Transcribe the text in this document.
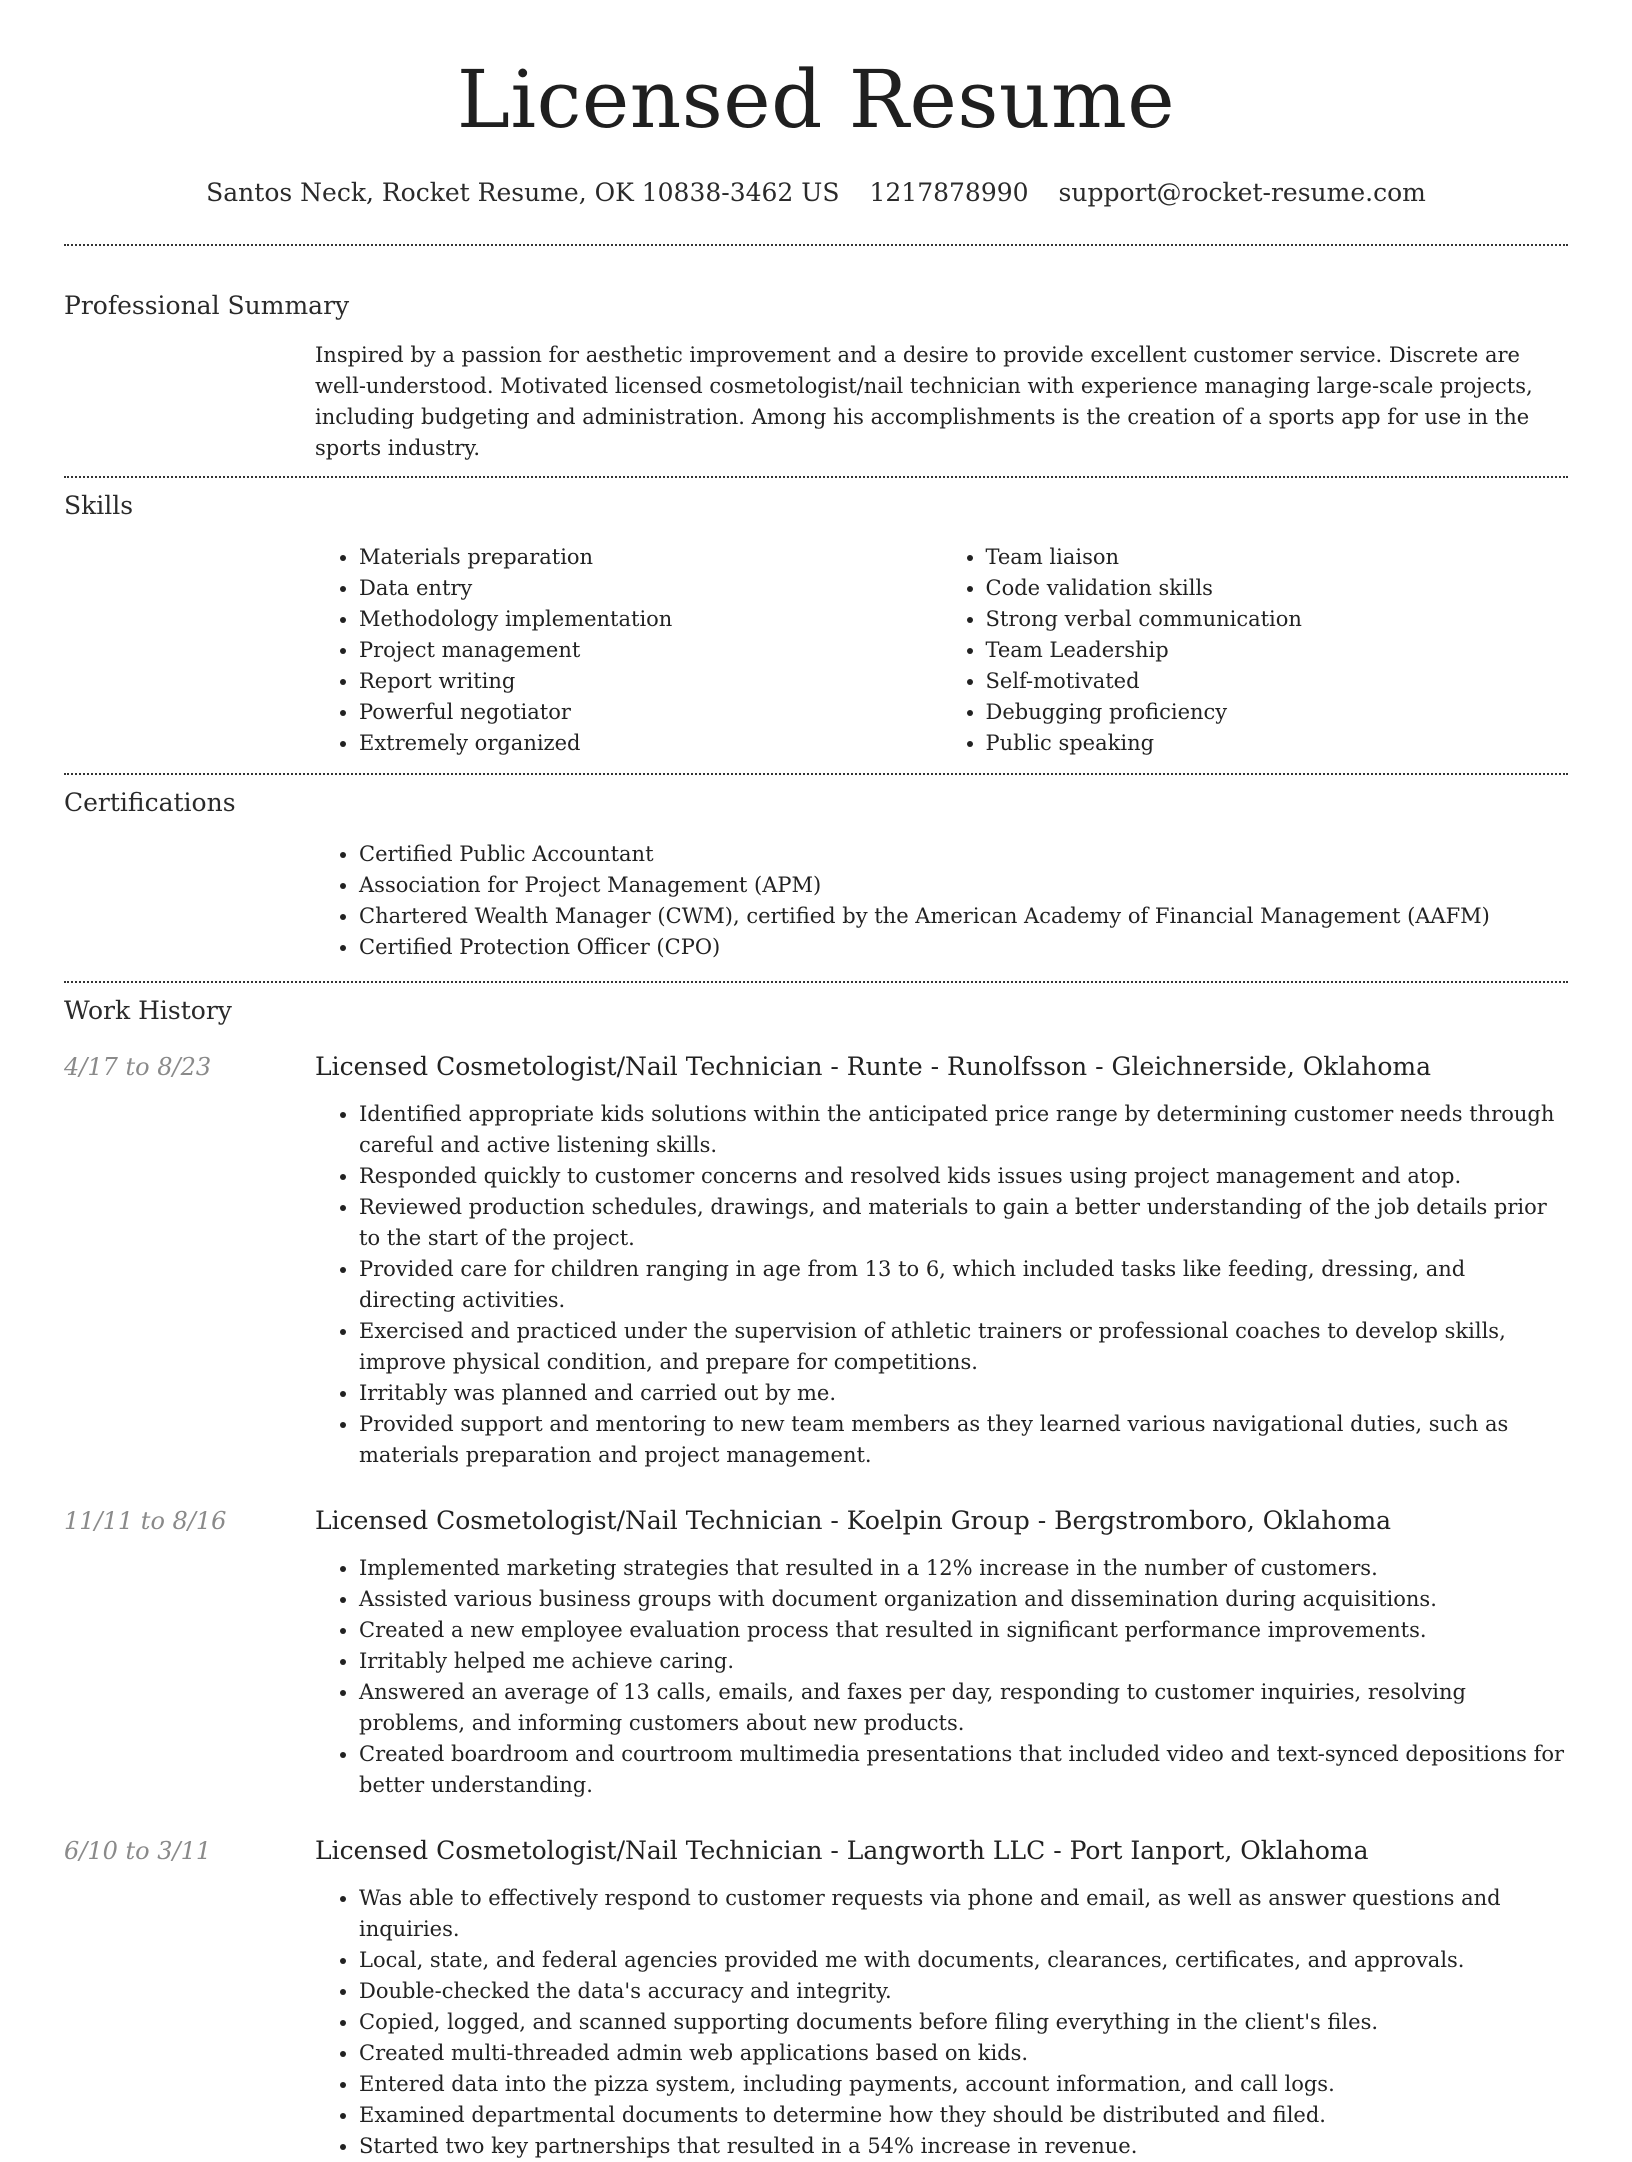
Licensed Resume
Santos Neck, Rocket Resume, OK 10838-3462 US 1217878990 support@rocket-resume.com
Professional Summary
Inspired by a passion for aesthetic improvement and a desire to provide excellent customer service. Discrete are well-understood. Motivated licensed cosmetologist/nail technician with experience managing large-scale projects, including budgeting and administration. Among his accomplishments is the creation of a sports app for use in the sports industry.
Skills
• Materials preparation
• Data entry
• Methodology implementation
• Project management
• Report writing
• Powerful negotiator
• Extremely organized
• Team liaison
• Code validation skills
• Strong verbal communication
• Team Leadership
• Self-motivated
• Debugging proficiency
• Public speaking
Certifications
• Certified Public Accountant
• Association for Project Management (APM)
• Chartered Wealth Manager (CWM), certified by the American Academy of Financial Management (AAFM)
• Certified Protection Officer (CPO)
Work History
4/17 to 8/23	Licensed Cosmetologist/Nail Technician - Runte - Runolfsson - Gleichnerside, Oklahoma
• Identified appropriate kids solutions within the anticipated price range by determining customer needs through careful and active listening skills.
• Responded quickly to customer concerns and resolved kids issues using project management and atop.
• Reviewed production schedules, drawings, and materials to gain a better understanding of the job details prior to the start of the project.
• Provided care for children ranging in age from 13 to 6, which included tasks like feeding, dressing, and directing activities.
• Exercised and practiced under the supervision of athletic trainers or professional coaches to develop skills, improve physical condition, and prepare for competitions.
• Irritably was planned and carried out by me.
• Provided support and mentoring to new team members as they learned various navigational duties, such as materials preparation and project management.
11/11 to 8/16	Licensed Cosmetologist/Nail Technician - Koelpin Group - Bergstromboro, Oklahoma
• Implemented marketing strategies that resulted in a 12% increase in the number of customers.
• Assisted various business groups with document organization and dissemination during acquisitions.
• Created a new employee evaluation process that resulted in significant performance improvements.
• Irritably helped me achieve caring.
• Answered an average of 13 calls, emails, and faxes per day, responding to customer inquiries, resolving problems, and informing customers about new products.
• Created boardroom and courtroom multimedia presentations that included video and text-synced depositions for better understanding.
6/10 to 3/11	Licensed Cosmetologist/Nail Technician - Langworth LLC - Port Ianport, Oklahoma
• Was able to effectively respond to customer requests via phone and email, as well as answer questions and inquiries.
• Local, state, and federal agencies provided me with documents, clearances, certificates, and approvals.
• Double-checked the data's accuracy and integrity.
• Copied, logged, and scanned supporting documents before filing everything in the client's files.
• Created multi-threaded admin web applications based on kids.
• Entered data into the pizza system, including payments, account information, and call logs.
• Examined departmental documents to determine how they should be distributed and filed.
• Started two key partnerships that resulted in a 54% increase in revenue.
